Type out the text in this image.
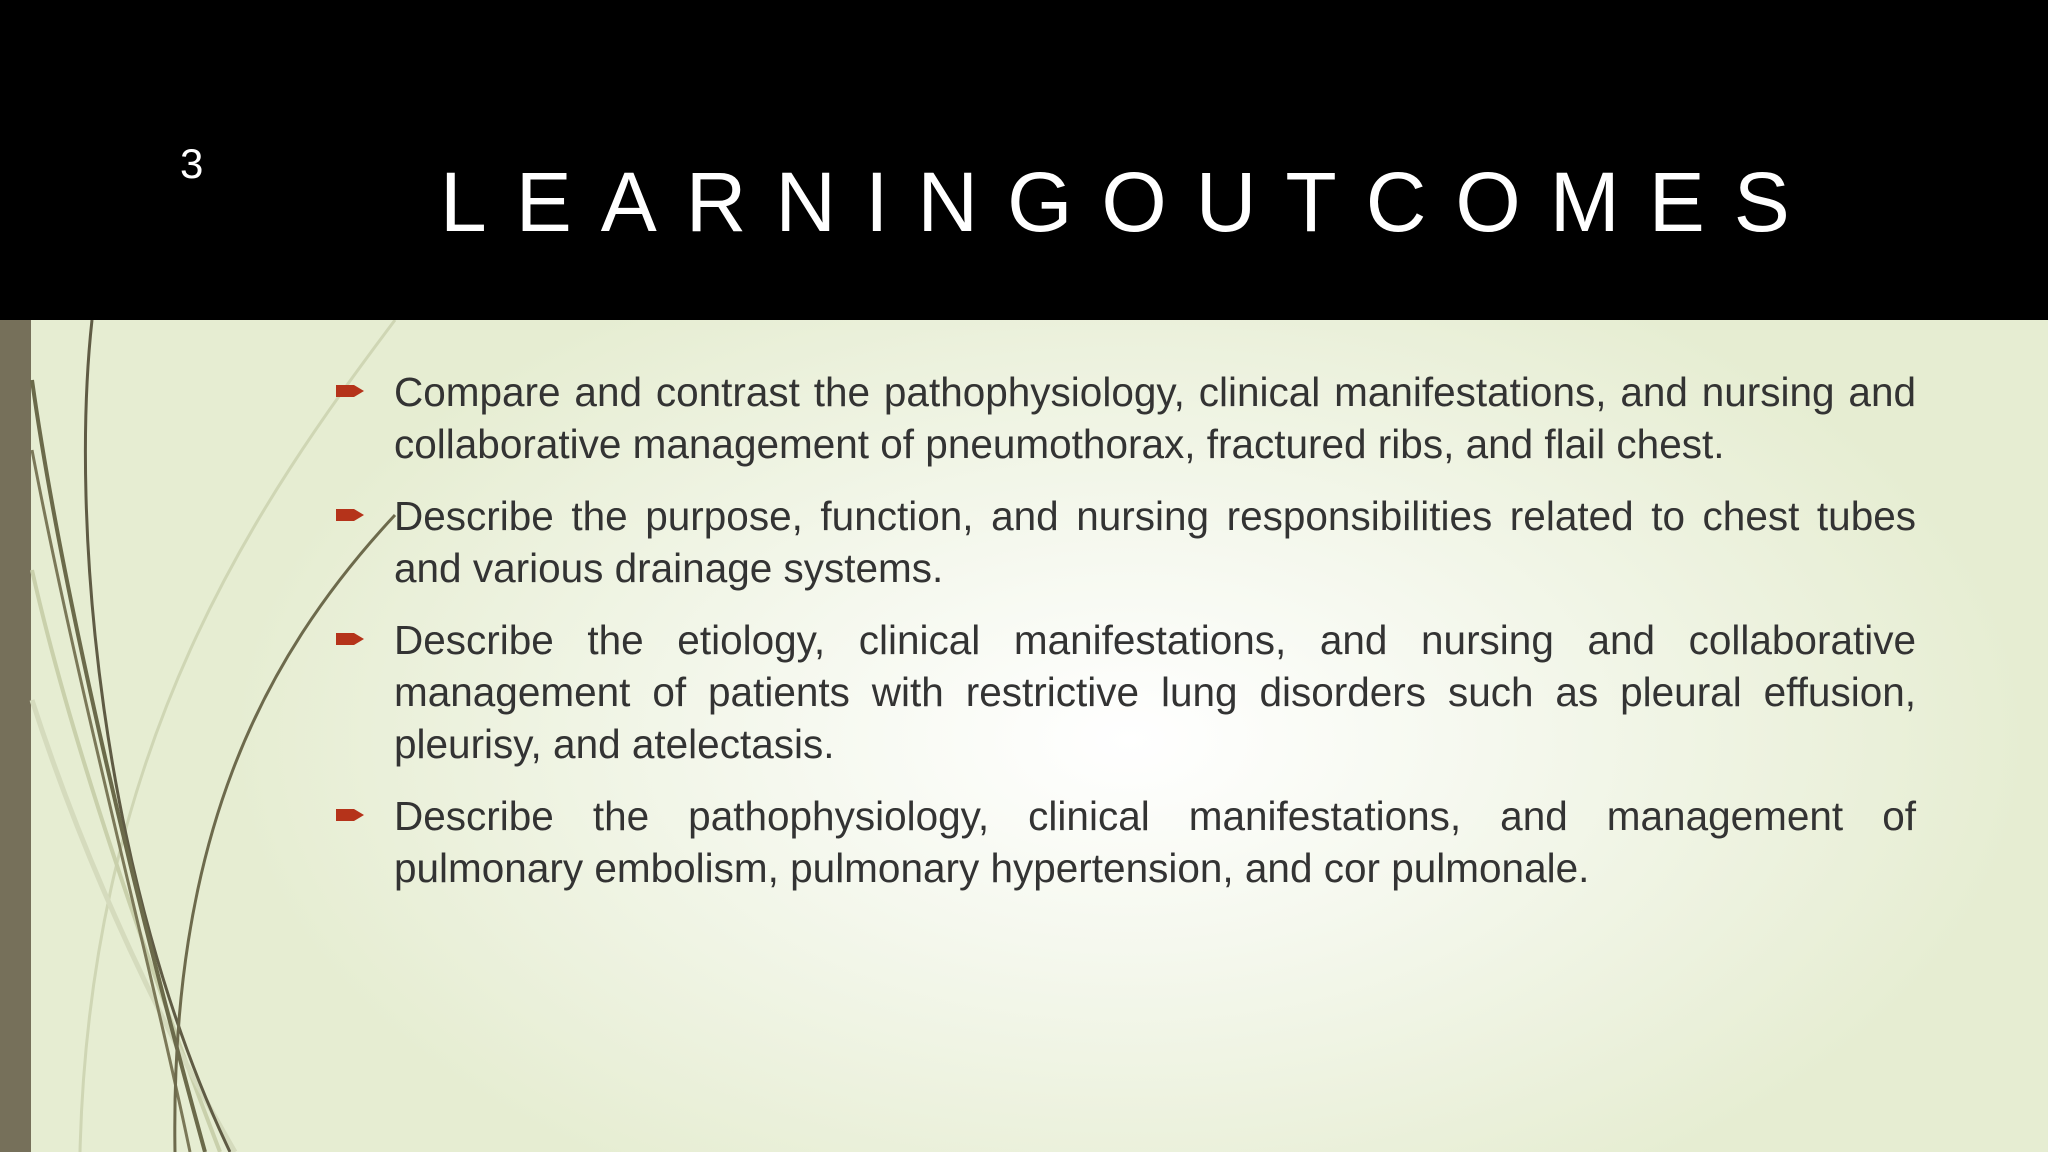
3	LEARNINGOUTCOMES
Compare and contrast the pathophysiology, clinical manifestations, and nursing and collaborative management of pneumothorax, fractured ribs, and flail chest.
Describe the purpose, function, and nursing responsibilities related to chest tubes and various drainage systems.
Describe the etiology, clinical manifestations, and nursing and collaborative management of patients with restrictive lung disorders such as pleural effusion, pleurisy, and atelectasis.
Describe the pathophysiology, clinical manifestations, and management of pulmonary embolism, pulmonary hypertension, and cor pulmonale.
